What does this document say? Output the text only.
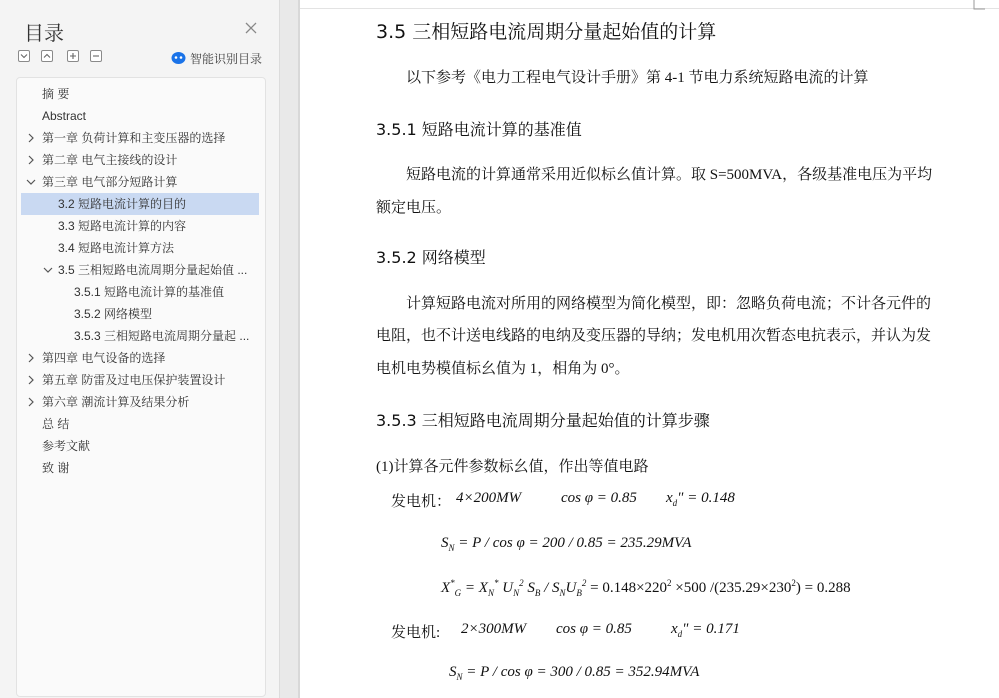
目录
智能识别目录
摘 要
Abstract
第一章 负荷计算和主变压器的选择
第二章 电气主接线的设计
第三章 电气部分短路计算
3.2 短路电流计算的目的
3.3 短路电流计算的内容
3.4 短路电流计算方法
3.5 三相短路电流周期分量起始值 ...
3.5.1 短路电流计算的基准值
3.5.2 网络模型
3.5.3 三相短路电流周期分量起 ...
第四章 电气设备的选择
第五章 防雷及过电压保护装置设计
第六章 潮流计算及结果分析
总 结
参考文献
致 谢
3.5 三相短路电流周期分量起始值的计算
以下参考《电力工程电气设计手册》第 4-1 节电力系统短路电流的计算
3.5.1 短路电流计算的基准值
短路电流的计算通常采用近似标幺值计算。取 S=500MVA，各级基准电压为平均
额定电压。
3.5.2 网络模型
计算短路电流对所用的网络模型为简化模型，即：忽略负荷电流；不计各元件的
电阻，也不计送电线路的电纳及变压器的导纳；发电机用次暂态电抗表示，并认为发
电机电势模值标幺值为 1，相角为 0°。
3.5.3 三相短路电流周期分量起始值的计算步骤
(1)计算各元件参数标幺值，作出等值电路
发电机： 4×200MW	cos φ = 0.85 $x_d$" = 0.148
$S_N = P / \cos \varphi = 200 / 0.85 = 235.29MVA$
$X^*_G = X_N^*$ $U_N^2$ $S_B / S_NU_B^2 = 0.148\times 220^2 \times 500$ $/(235.29\times 230^2) = 0.288$
发电机: 2×300MW cos φ = 0.85	$x_d$" = 0.171
$S_N = P / \cos \varphi = 300 / 0.85 = 352.94MVA$
